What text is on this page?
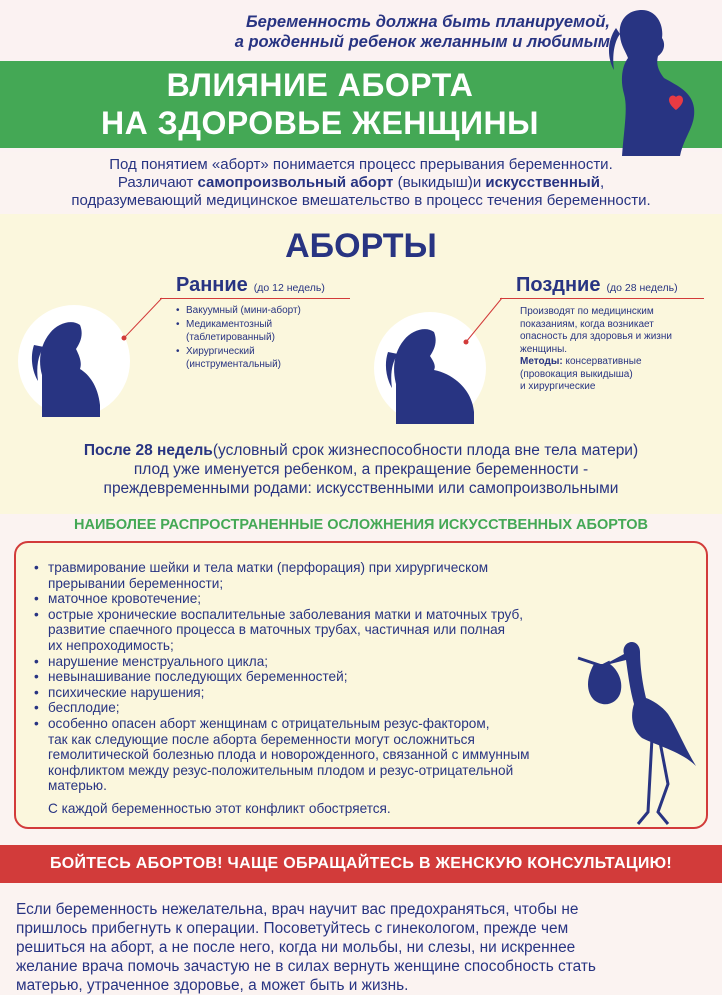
Беременность должна быть планируемой,
а рожденный ребенок желанным и любимым
ВЛИЯНИЕ АБОРТА
НА ЗДОРОВЬЕ ЖЕНЩИНЫ
Под понятием «аборт» понимается процесс прерывания беременности.
Различают самопроизвольный аборт (выкидыш)и искусственный,
подразумевающий медицинское вмешательство в процесс течения беременности.
АБОРТЫ
Ранние (до 12 недель)
• Вакуумный (мини-аборт)
• Медикаментозный
(таблетированный)
• Хирургический
(инструментальный)
Поздние (до 28 недель)
Производят по медицинским
показаниям, когда возникает
опасность для здоровья и жизни
женщины.
Методы: консервативные
(провокация выкидыша)
и хирургические
После 28 недель(условный срок жизнеспособности плода вне тела матери)
плод уже именуется ребенком, а прекращение беременности -
преждевременными родами: искусственными или самопроизвольными
НАИБОЛЕЕ РАСПРОСТРАНЕННЫЕ ОСЛОЖНЕНИЯ ИСКУССТВЕННЫХ АБОРТОВ
• травмирование шейки и тела матки (перфорация) при хирургическом
прерывании беременности;
• маточное кровотечение;
• острые хронические воспалительные заболевания матки и маточных труб,
развитие спаечного процесса в маточных трубах, частичная или полная
их непроходимость;
• нарушение менструального цикла;
• невынашивание последующих беременностей;
• психические нарушения;
• бесплодие;
• особенно опасен аборт женщинам с отрицательным резус-фактором,
так как следующие после аборта беременности могут осложниться
гемолитической болезнью плода и новорожденного, связанной с иммунным
конфликтом между резус-положительным плодом и резус-отрицательной
матерью.
С каждой беременностью этот конфликт обостряется.
БОЙТЕСЬ АБОРТОВ! ЧАЩЕ ОБРАЩАЙТЕСЬ В ЖЕНСКУЮ КОНСУЛЬТАЦИЮ!
Если беременность нежелательна, врач научит вас предохраняться, чтобы не
пришлось прибегнуть к операции. Посоветуйтесь с гинекологом, прежде чем
решиться на аборт, а не после него, когда ни мольбы, ни слезы, ни искреннее
желание врача помочь зачастую не в силах вернуть женщине способность стать
матерью, утраченное здоровье, а может быть и жизнь.
